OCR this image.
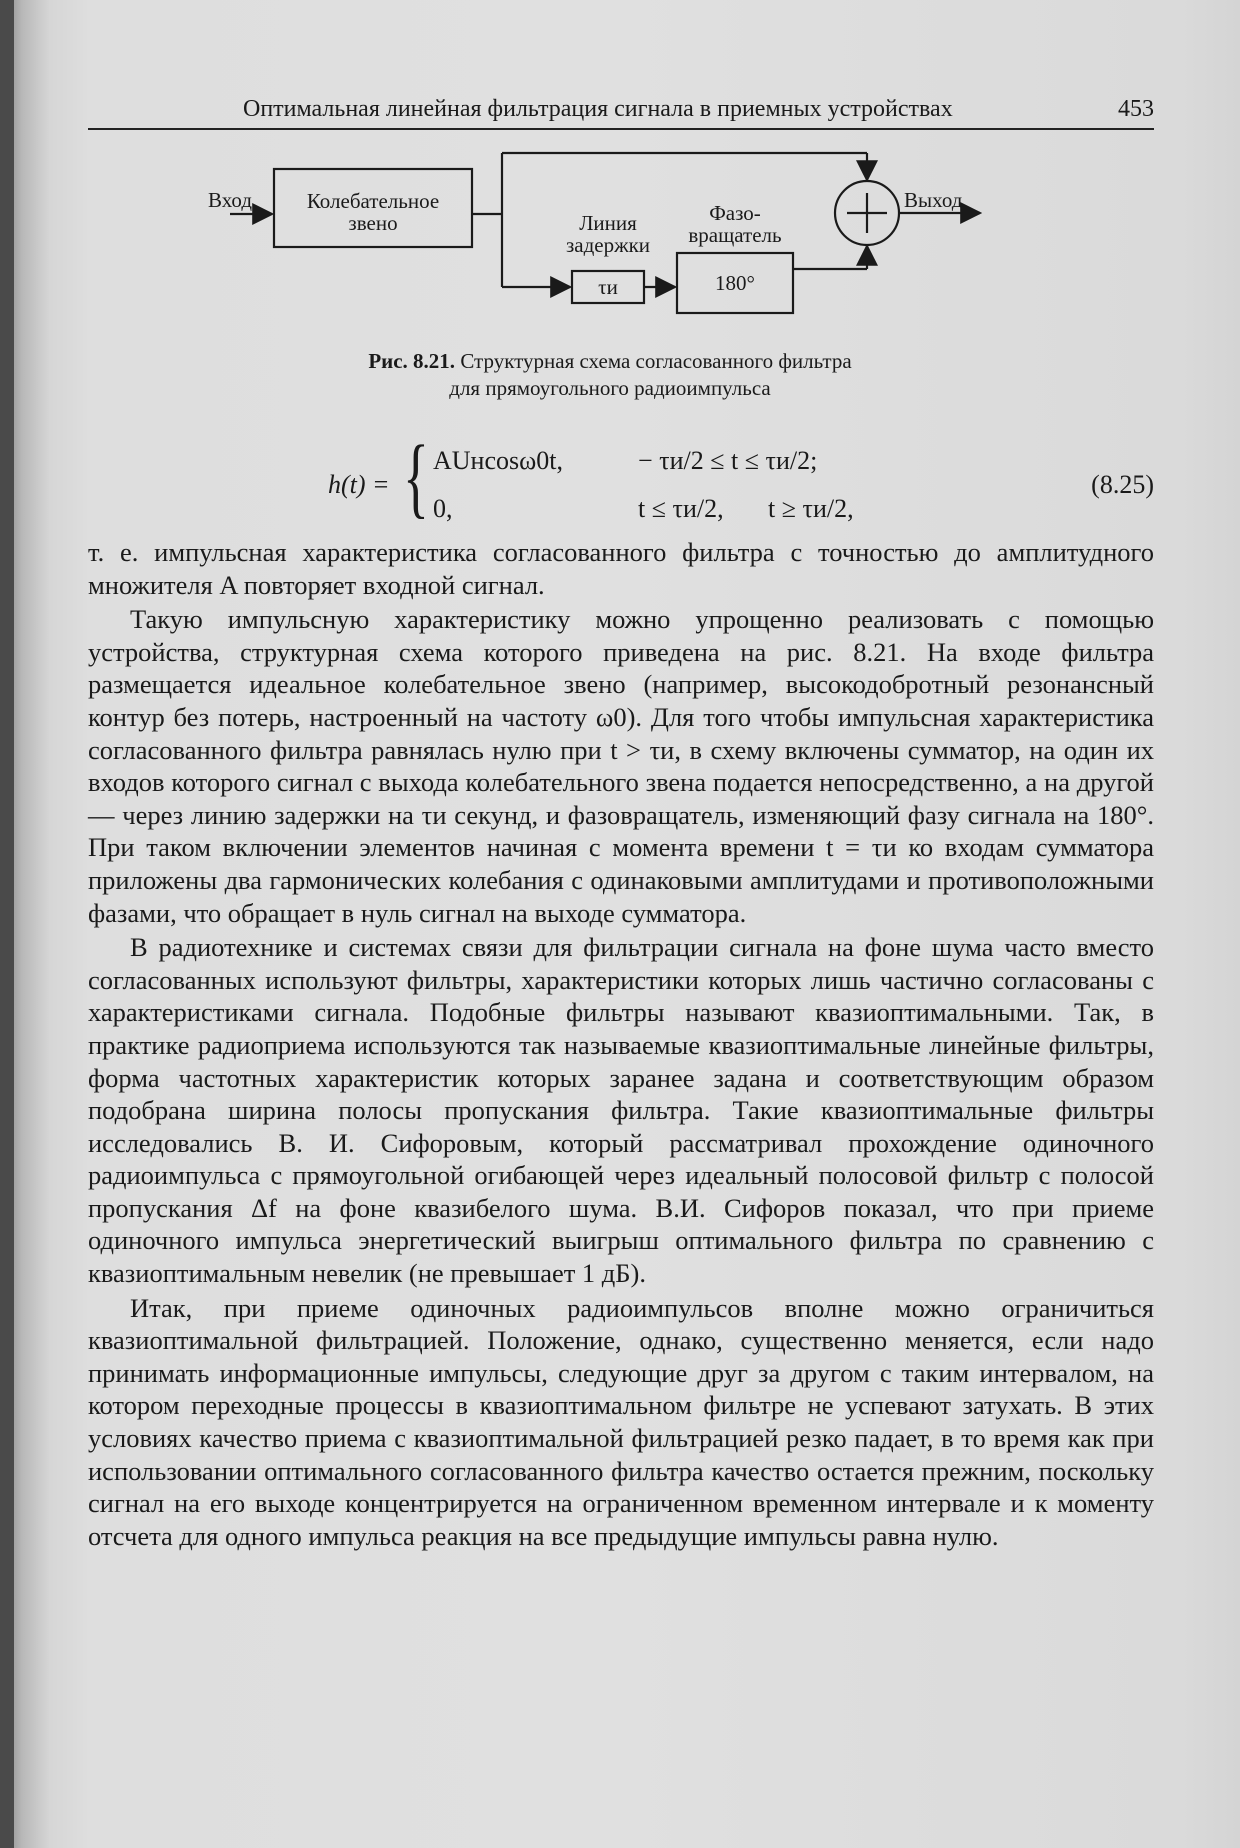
Оптимальная линейная фильтрация сигнала в приемных устройствах	453
Вход	Колебательное
звено	Линия
задержки
τи
Фазо-
вращатель
180°
Выход
Рис. 8.21. Структурная схема согласованного фильтра
для прямоугольного радиоимпульса
h(t) = { AUнcosω0t,	− τи/2 ≤ t ≤ τи/2;
0,	t ≤ τи/2, t ≥ τи/2,
(8.25)

т. е. импульсная характеристика согласованного фильтра с точностью до амплитудного множителя A повторяет входной сигнал.

Такую импульсную характеристику можно упрощенно реализовать с помощью устройства, структурная схема которого приведена на рис. 8.21. На входе фильтра размещается идеальное колебательное звено (например, высокодобротный резонансный контур без потерь, настроенный на частоту ω0). Для того чтобы импульсная характеристика согласованного фильтра равнялась нулю при t > τи, в схему включены сумматор, на один их входов которого сигнал с выхода колебательного звена подается непосредственно, а на другой — через линию задержки на τи секунд, и фазовращатель, изменяющий фазу сигнала на 180°. При таком включении элементов начиная с момента времени t = τи ко входам сумматора приложены два гармонических колебания с одинаковыми амплитудами и противоположными фазами, что обращает в нуль сигнал на выходе сумматора.

В радиотехнике и системах связи для фильтрации сигнала на фоне шума часто вместо согласованных используют фильтры, характеристики которых лишь частично согласованы с характеристиками сигнала. Подобные фильтры называют квазиоптимальными. Так, в практике радиоприема используются так называемые квазиоптимальные линейные фильтры, форма частотных характеристик которых заранее задана и соответствующим образом подобрана ширина полосы пропускания фильтра. Такие квазиоптимальные фильтры исследовались В. И. Сифоровым, который рассматривал прохождение одиночного радиоимпульса с прямоугольной огибающей через идеальный полосовой фильтр с полосой пропускания Δf на фоне квазибелого шума. В.И. Сифоров показал, что при приеме одиночного импульса энергетический выигрыш оптимального фильтра по сравнению с квазиоптимальным невелик (не превышает 1 дБ).

Итак, при приеме одиночных радиоимпульсов вполне можно ограничиться квазиоптимальной фильтрацией. Положение, однако, существенно меняется, если надо принимать информационные импульсы, следующие друг за другом с таким интервалом, на котором переходные процессы в квазиоптимальном фильтре не успевают затухать. В этих условиях качество приема с квазиоптимальной фильтрацией резко падает, в то время как при использовании оптимального согласованного фильтра качество остается прежним, поскольку сигнал на его выходе концентрируется на ограниченном временном интервале и к моменту отсчета для одного импульса реакция на все предыдущие импульсы равна нулю.
